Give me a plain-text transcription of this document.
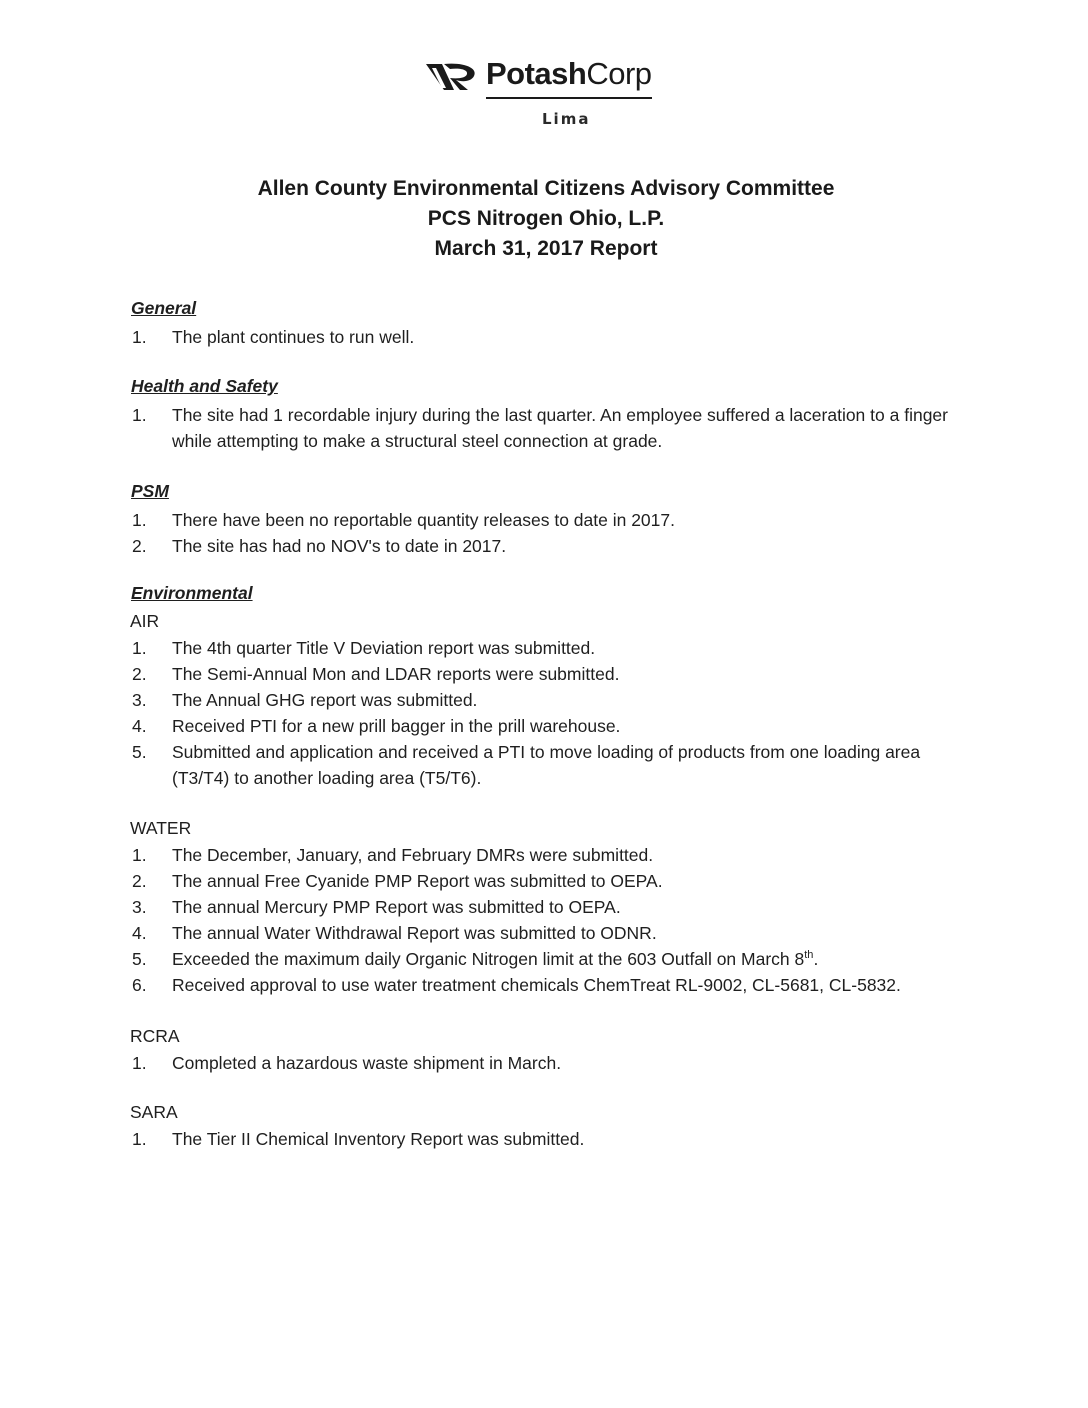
PotashCorp
Lima
Allen County Environmental Citizens Advisory Committee
PCS Nitrogen Ohio, L.P.
March 31, 2017 Report
General
1.	The plant continues to run well.
Health and Safety
1.	The site had 1 recordable injury during the last quarter. An employee suffered a laceration to a finger while attempting to make a structural steel connection at grade.
PSM
1.	There have been no reportable quantity releases to date in 2017.
2.	The site has had no NOV's to date in 2017.
Environmental
AIR
1.	The 4th quarter Title V Deviation report was submitted.
2.	The Semi-Annual Mon and LDAR reports were submitted.
3.	The Annual GHG report was submitted.
4.	Received PTI for a new prill bagger in the prill warehouse.
5.	Submitted and application and received a PTI to move loading of products from one loading area (T3/T4) to another loading area (T5/T6).
WATER
1.	The December, January, and February DMRs were submitted.
2.	The annual Free Cyanide PMP Report was submitted to OEPA.
3.	The annual Mercury PMP Report was submitted to OEPA.
4.	The annual Water Withdrawal Report was submitted to ODNR.
5.	Exceeded the maximum daily Organic Nitrogen limit at the 603 Outfall on March 8th.
6.	Received approval to use water treatment chemicals ChemTreat RL-9002, CL-5681, CL-5832.
RCRA
1.	Completed a hazardous waste shipment in March.
SARA
1.	The Tier II Chemical Inventory Report was submitted.
